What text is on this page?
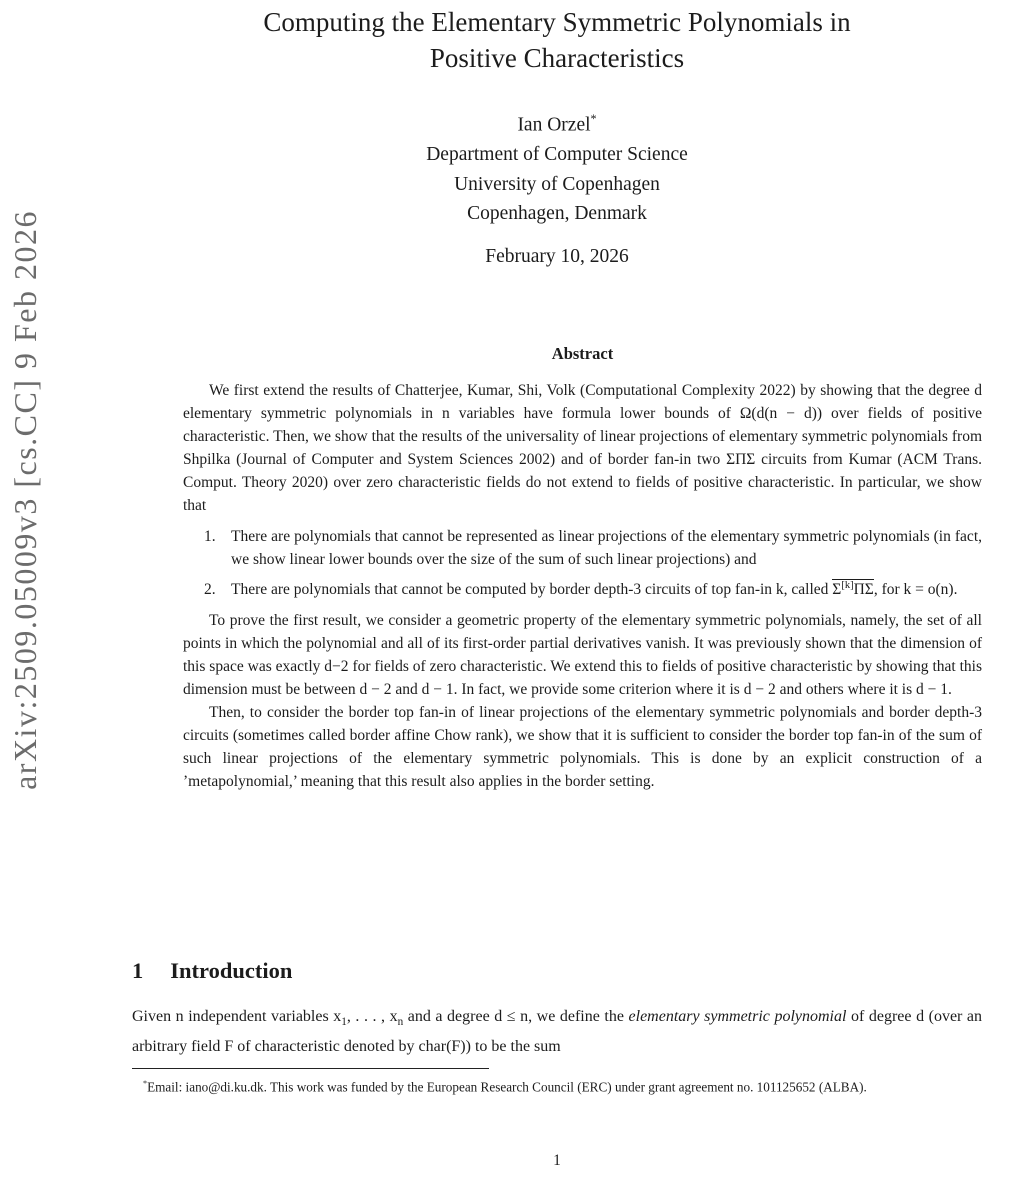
arXiv:2509.05009v3 [cs.CC] 9 Feb 2026
Computing the Elementary Symmetric Polynomials in
Positive Characteristics
Ian Orzel*
Department of Computer Science
University of Copenhagen
Copenhagen, Denmark
February 10, 2026
Abstract

We first extend the results of Chatterjee, Kumar, Shi, Volk (Computational Complexity 2022) by showing that the degree d elementary symmetric polynomials in n variables have formula lower bounds of Ω(d(n − d)) over fields of positive characteristic. Then, we show that the results of the universality of linear projections of elementary symmetric polynomials from Shpilka (Journal of Computer and System Sciences 2002) and of border fan-in two ΣΠΣ circuits from Kumar (ACM Trans. Comput. Theory 2020) over zero characteristic fields do not extend to fields of positive characteristic. In particular, we show that

1. There are polynomials that cannot be represented as linear projections of the elementary symmetric polynomials (in fact, we show linear lower bounds over the size of the sum of such linear projections) and
2. There are polynomials that cannot be computed by border depth-3 circuits of top fan-in k, called Σ[k]ΠΣ, for k = o(n).

To prove the first result, we consider a geometric property of the elementary symmetric polynomials, namely, the set of all points in which the polynomial and all of its first-order partial derivatives vanish. It was previously shown that the dimension of this space was exactly d−2 for fields of zero characteristic. We extend this to fields of positive characteristic by showing that this dimension must be between d − 2 and d − 1. In fact, we provide some criterion where it is d − 2 and others where it is d − 1.

Then, to consider the border top fan-in of linear projections of the elementary symmetric polynomials and border depth-3 circuits (sometimes called border affine Chow rank), we show that it is sufficient to consider the border top fan-in of the sum of such linear projections of the elementary symmetric polynomials. This is done by an explicit construction of a ’metapolynomial,’ meaning that this result also applies in the border setting.

1 Introduction

Given n independent variables $x_1$, . . . , $x_n$ and a degree d ≤ n, we define the elementary symmetric polynomial of degree d (over an arbitrary field F of characteristic denoted by char(F)) to be the sum

*Email: iano@di.ku.dk. This work was funded by the European Research Council (ERC) under grant agreement no. 101125652 (ALBA).

1
